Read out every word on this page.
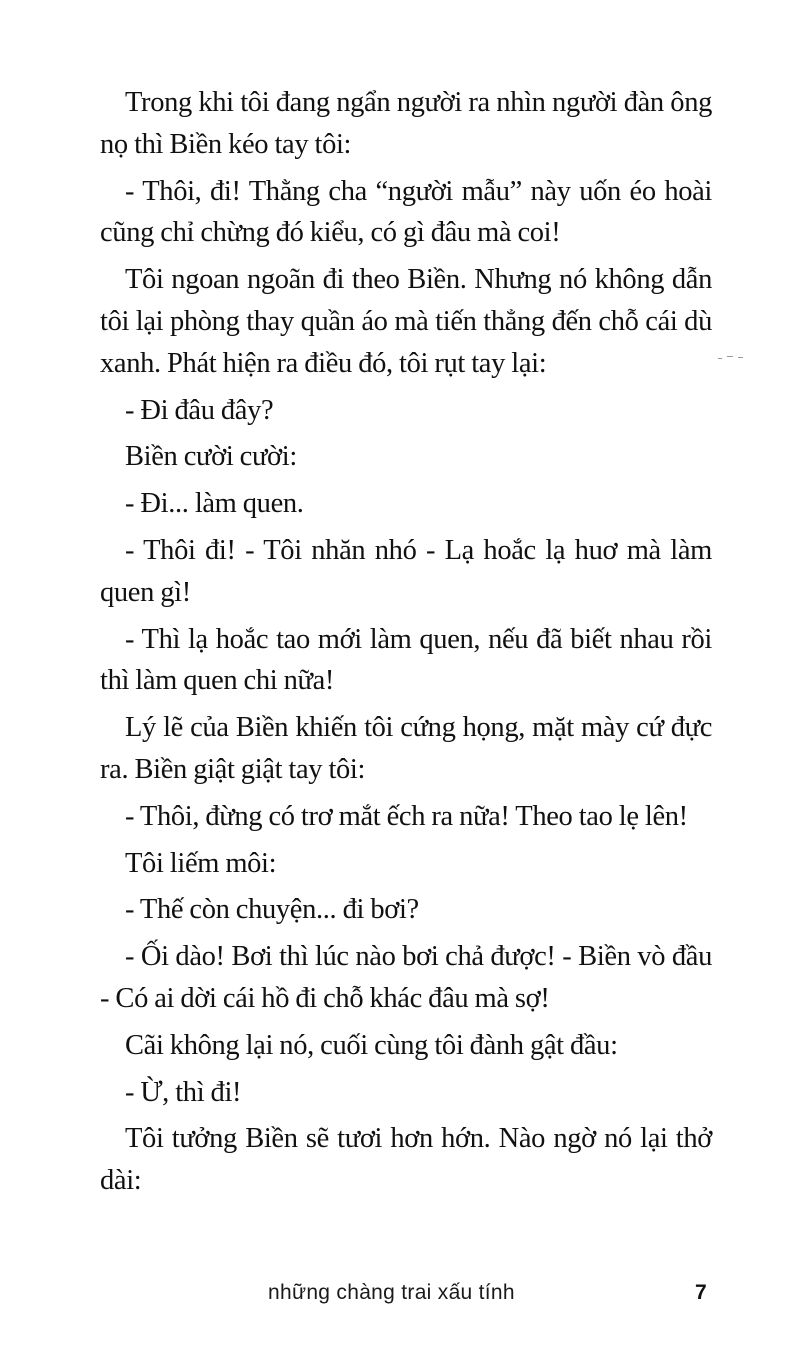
Trong khi tôi đang ngẩn người ra nhìn người đàn ông nọ thì Biền kéo tay tôi:

- Thôi, đi! Thằng cha “người mẫu” này uốn éo hoài cũng chỉ chừng đó kiểu, có gì đâu mà coi!

Tôi ngoan ngoãn đi theo Biền. Nhưng nó không dẫn tôi lại phòng thay quần áo mà tiến thẳng đến chỗ cái dù xanh. Phát hiện ra điều đó, tôi rụt tay lại:

- Đi đâu đây?

Biền cười cười:

- Đi... làm quen.

- Thôi đi! - Tôi nhăn nhó - Lạ hoắc lạ huơ mà làm quen gì!

- Thì lạ hoắc tao mới làm quen, nếu đã biết nhau rồi thì làm quen chi nữa!

Lý lẽ của Biền khiến tôi cứng họng, mặt mày cứ đực ra. Biền giật giật tay tôi:

- Thôi, đừng có trơ mắt ếch ra nữa! Theo tao lẹ lên!

Tôi liếm môi:

- Thế còn chuyện... đi bơi?

- Ối dào! Bơi thì lúc nào bơi chả được! - Biền vò đầu - Có ai dời cái hồ đi chỗ khác đâu mà sợ!

Cãi không lại nó, cuối cùng tôi đành gật đầu:

- Ừ, thì đi!

Tôi tưởng Biền sẽ tươi hơn hớn. Nào ngờ nó lại thở dài:

những chàng trai xấu tính	7
